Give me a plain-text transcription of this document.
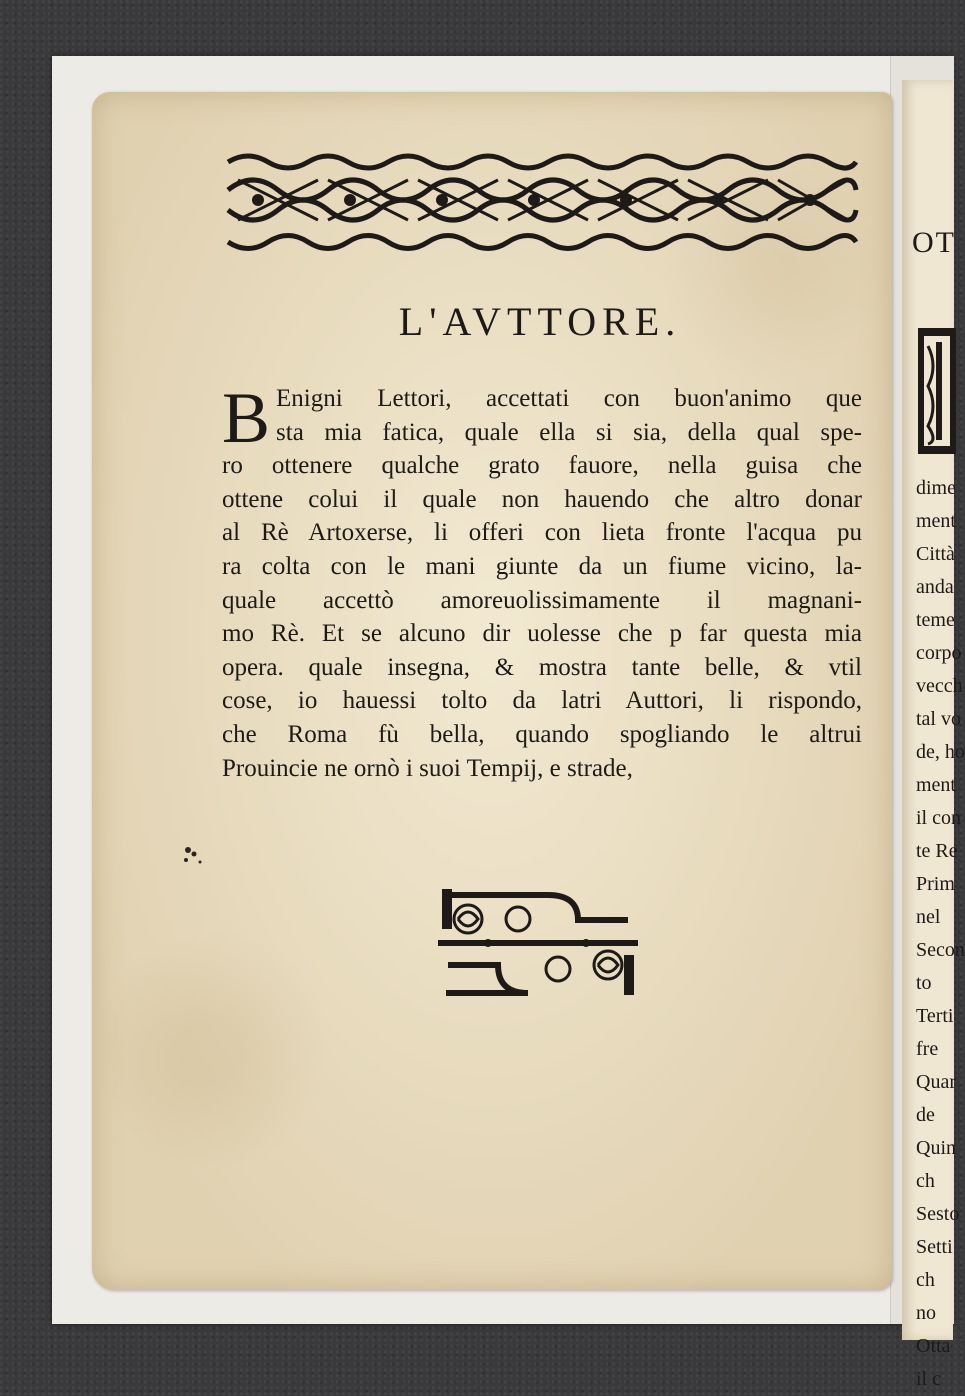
OT
dime
ment
Città
anda
teme
corpo
vecch
tal vo
de, ho
ment
il con
te Re
Prim
nel
Secon
to
Terti
fre
Quar
de
Quin
ch
Sesto
Setti
ch
no
Otta
il c
L'AVTTORE.
B Enigni Lettori, accettati con buon'animo que
sta mia fatica, quale ella si sia, della qual spe-
ro ottenere qualche grato fauore, nella guisa che
ottene colui il quale non hauendo che altro donar
al Rè Artoxerse, li offeri con lieta fronte l'acqua pu
ra colta con le mani giunte da un fiume vicino, la-
quale accettò amoreuolissimamente il magnani-
mo Rè. Et se alcuno dir uolesse che p far questa mia
opera. quale insegna, & mostra tante belle, & vtil
cose, io hauessi tolto da latri Auttori, li rispondo,
che Roma fù bella, quando spogliando le altrui
Prouincie ne ornò i suoi Tempij, e strade,
